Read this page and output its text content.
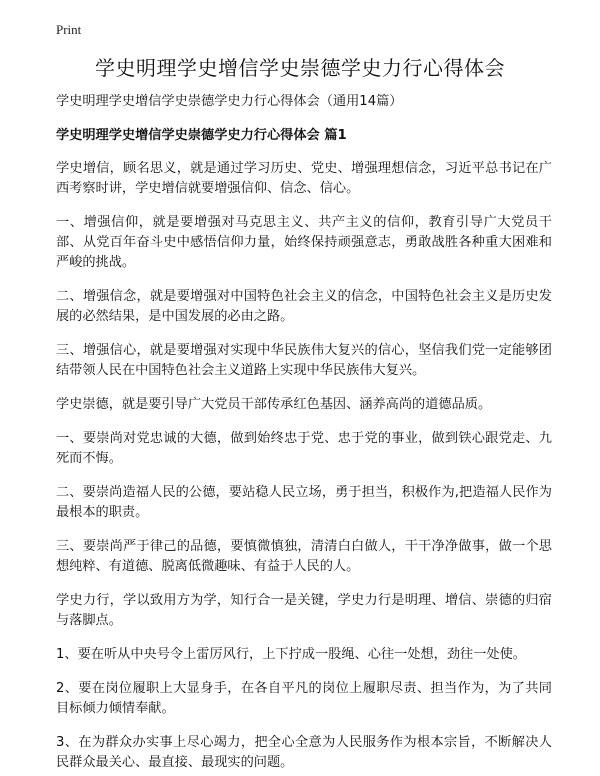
Print
学史明理学史增信学史崇德学史力行心得体会

学史明理学史增信学史崇德学史力行心得体会（通用14篇）

学史明理学史增信学史崇德学史力行心得体会 篇1

学史增信，顾名思义，就是通过学习历史、党史、增强理想信念，习近平总书记在广西考察时讲，学史增信就要增强信仰、信念、信心。

一、增强信仰，就是要增强对马克思主义、共产主义的信仰，教育引导广大党员干部、从党百年奋斗史中感悟信仰力量，始终保持顽强意志，勇敢战胜各种重大困难和严峻的挑战。

二、增强信念，就是要增强对中国特色社会主义的信念，中国特色社会主义是历史发展的必然结果，是中国发展的必由之路。

三、增强信心，就是要增强对实现中华民族伟大复兴的信心，坚信我们党一定能够团结带领人民在中国特色社会主义道路上实现中华民族伟大复兴。

学史崇德，就是要引导广大党员干部传承红色基因、涵养高尚的道德品质。

一、要崇尚对党忠诚的大德，做到始终忠于党、忠于党的事业，做到铁心跟党走、九死而不悔。

二、要崇尚造福人民的公德，要站稳人民立场，勇于担当，积极作为,把造福人民作为最根本的职责。

三、要崇尚严于律己的品德，要慎微慎独，清清白白做人，干干净净做事，做一个思想纯粹、有道德、脱离低微趣味、有益于人民的人。

学史力行，学以致用方为学，知行合一是关键，学史力行是明理、增信、崇德的归宿与落脚点。

1、要在听从中央号令上雷厉风行，上下拧成一股绳、心往一处想，劲往一处使。

2、要在岗位履职上大显身手，在各自平凡的岗位上履职尽责、担当作为，为了共同目标倾力倾情奉献。

3、在为群众办实事上尽心竭力，把全心全意为人民服务作为根本宗旨，不断解决人民群众最关心、最直接、最现实的问题。
